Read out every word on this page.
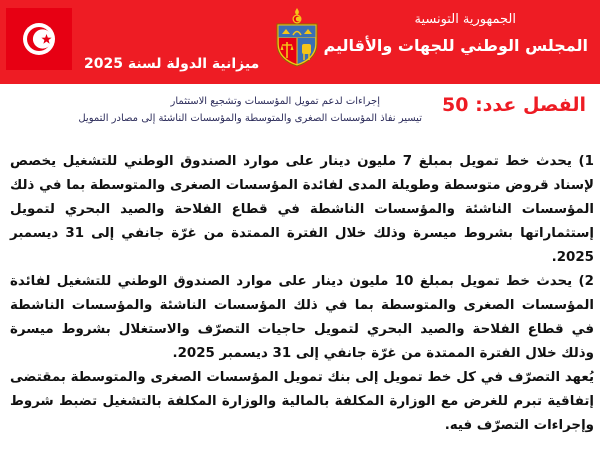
الجمهورية التونسية
المجلس الوطني للجهات والأقاليم
ميزانية الدولة لسنة 2025
الفصل عدد: 50
إجراءات لدعم تمويل المؤسسات وتشجيع الاستثمار
تيسير نفاذ المؤسسات الصغرى والمتوسطة والمؤسسات الناشئة إلى مصادر التمويل

1) يحدث خط تمويل بمبلغ 7 مليون دينار على موارد الصندوق الوطني للتشغيل يخصص لإسناد قروض متوسطة وطويلة المدى لفائدة المؤسسات الصغرى والمتوسطة بما في ذلك المؤسسات الناشئة والمؤسسات الناشطة في قطاع الفلاحة والصيد البحري لتمويل إستثماراتها بشروط ميسرة وذلك خلال الفترة الممتدة من غرّة جانفي إلى 31 ديسمبر 2025.

2) يحدث خط تمويل بمبلغ 10 مليون دينار على موارد الصندوق الوطني للتشغيل لفائدة المؤسسات الصغرى والمتوسطة بما في ذلك المؤسسات الناشئة والمؤسسات الناشطة في قطاع الفلاحة والصيد البحري لتمويل حاجيات التصرّف والاستغلال بشروط ميسرة وذلك خلال الفترة الممتدة من غرّة جانفي إلى 31 ديسمبر 2025.

يُعهد التصرّف في كل خط تمويل إلى بنك تمويل المؤسسات الصغرى والمتوسطة بمقتضى إتفاقية تبرم للغرض مع الوزارة المكلفة بالمالية والوزارة المكلفة بالتشغيل تضبط شروط وإجراءات التصرّف فيه.
